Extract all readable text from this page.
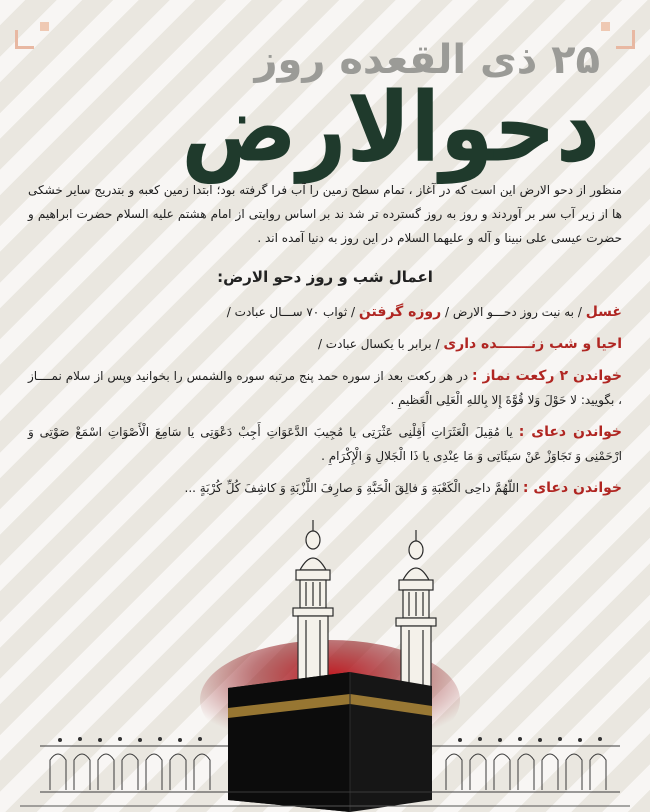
۲۵ ذی القعده روز
دحوالارض
منظور از دحو الارض این است که در آغاز ، تمام سطح زمین را آب فرا گرفته بود؛ ابتدا زمین کعبه و بتدریج سایر خشکی ها از زیر آب سر بر آوردند و روز به روز گسترده تر شد ند بر اساس روایتی از امام هشتم علیه السلام حضرت ابراهیم و حضرت عیسی علی نبینا و آله و علیهما السلام در این روز به دنیا آمده اند .
اعمال شب و روز دحو الارض:
غسل / به نیت روز دحـــو الارض / روزه گرفتن / ثواب ۷۰ ســـال عبادت /
احیا و شب زنـــــــده داری / برابر با یکسال عبادت /
خواندن ۲ رکعت نماز : در هر رکعت بعد از سوره حمد پنج مرتبه سوره والشمس را بخوانید وپس از سلام نمــــاز ، بگویید: لا حَوْلَ وَلا قُوَّةَ إِلا بِاللهِ الْعَلِی الْعَظیمِ .
خواندن دعای : یا مُقِیلَ الْعَثَرَاتِ أَقِلْنِی عَثْرَتِی یا مُجِیبَ الدَّعَوَاتِ أَجِبْ دَعْوَتِی یا سَامِعَ الْأَصْوَاتِ اسْمَعْ صَوْتِی وَ ارْحَمْنِی وَ تَجَاوَزْ عَنْ سَیئَاتِی وَ مَا عِنْدِی یا ذَا الْجَلالِ وَ الْإِکْرَامِ .
خواندن دعای : اللّهُمَّ داحِی الْکَعْبَةِ وَ فالِقَ الْحَبَّةِ وَ صارِفَ اللَّزْبَةِ وَ کاشِفَ کُلِّ کُرْبَةٍ ...
